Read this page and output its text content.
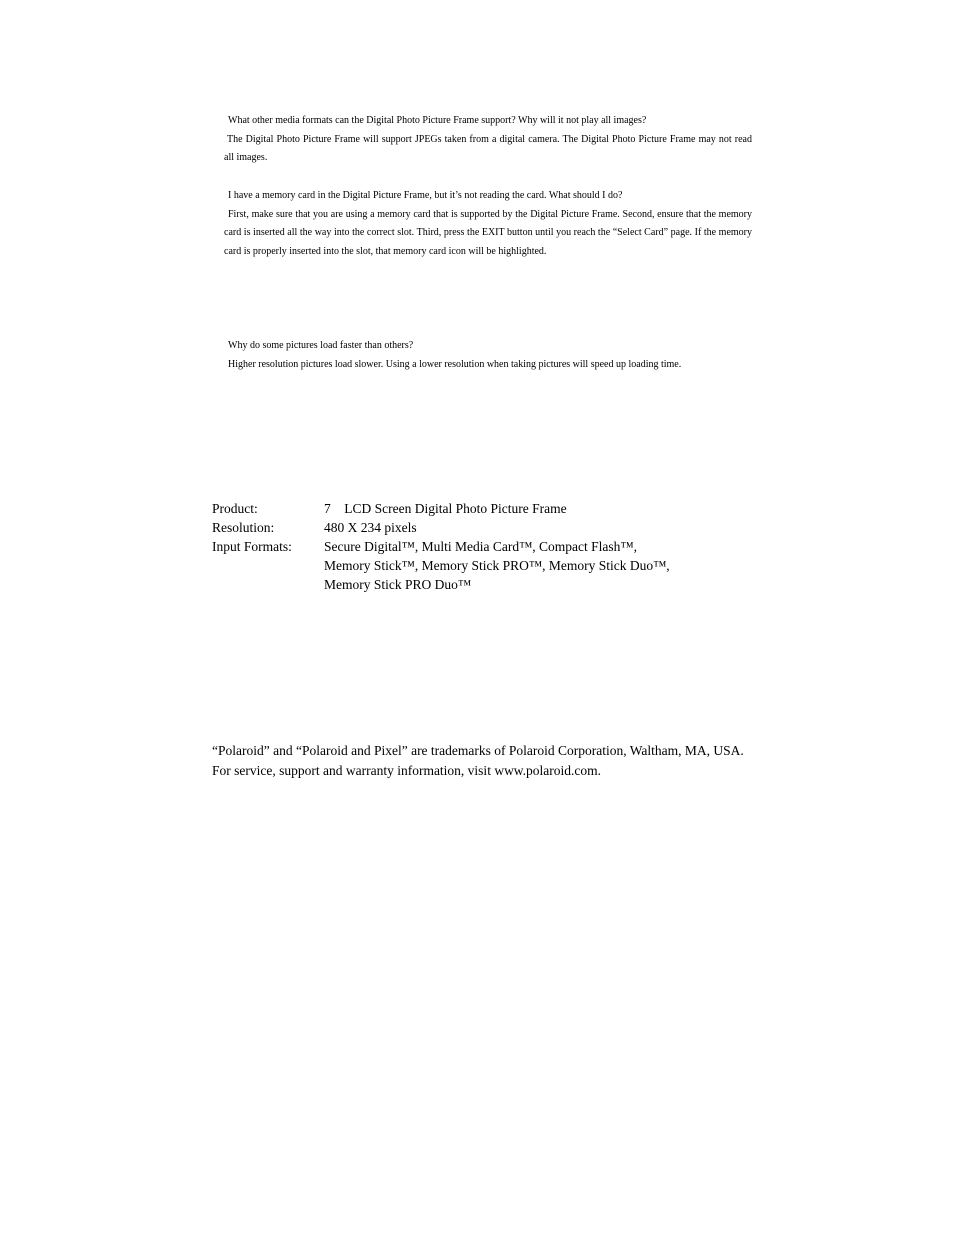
What other media formats can the Digital Photo Picture Frame support? Why will it not play all images?

The Digital Photo Picture Frame will support JPEGs taken from a digital camera. The Digital Photo Picture Frame may not read all images.

I have a memory card in the Digital Picture Frame, but it’s not reading the card. What should I do?

First, make sure that you are using a memory card that is supported by the Digital Picture Frame. Second, ensure that the memory card is inserted all the way into the correct slot. Third, press the EXIT button until you reach the “Select Card” page. If the memory card is properly inserted into the slot, that memory card icon will be highlighted.

Why do some pictures load faster than others?

Higher resolution pictures load slower. Using a lower resolution when taking pictures will speed up loading time.

Product:	7    LCD Screen Digital Photo Picture Frame
Resolution:	480 X 234 pixels
Input Formats:	Secure Digital™, Multi Media Card™, Compact Flash™,
Memory Stick™, Memory Stick PRO™, Memory Stick Duo™,
Memory Stick PRO Duo™

“Polaroid” and “Polaroid and Pixel” are trademarks of Polaroid Corporation, Waltham, MA, USA.

For service, support and warranty information, visit www.polaroid.com.
